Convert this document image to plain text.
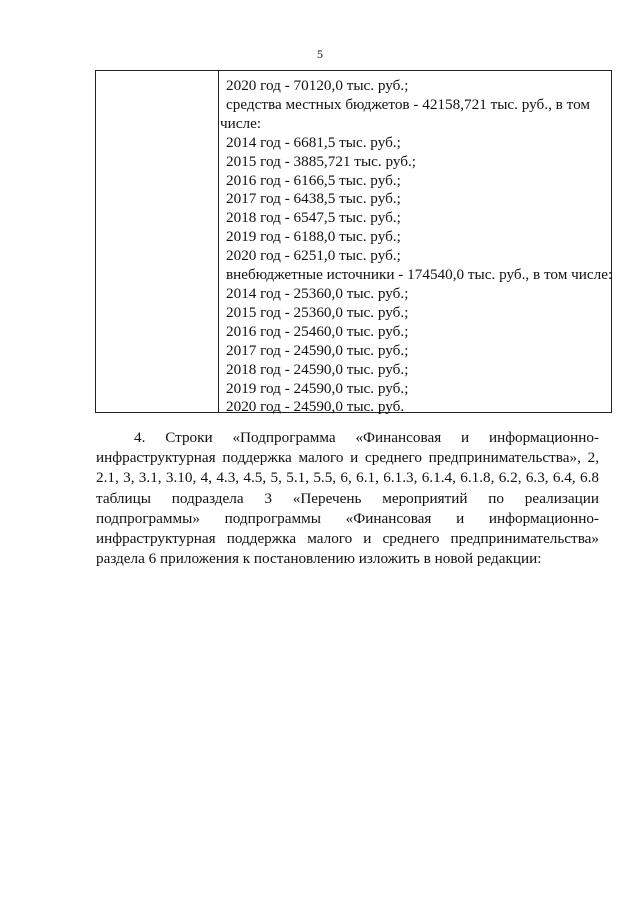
5
2020 год - 70120,0 тыс. руб.;
средства местных бюджетов - 42158,721 тыс. руб., в том
числе:
2014 год - 6681,5 тыс. руб.;
2015 год - 3885,721 тыс. руб.;
2016 год - 6166,5 тыс. руб.;
2017 год - 6438,5 тыс. руб.;
2018 год - 6547,5 тыс. руб.;
2019 год - 6188,0 тыс. руб.;
2020 год - 6251,0 тыс. руб.;
внебюджетные источники - 174540,0 тыс. руб., в том числе:
2014 год - 25360,0 тыс. руб.;
2015 год - 25360,0 тыс. руб.;
2016 год - 25460,0 тыс. руб.;
2017 год - 24590,0 тыс. руб.;
2018 год - 24590,0 тыс. руб.;
2019 год - 24590,0 тыс. руб.;
2020 год - 24590,0 тыс. руб.
4. Строки «Подпрограмма «Финансовая и информационно-
инфраструктурная поддержка малого и среднего предпринимательства», 2,
2.1, 3, 3.1, 3.10, 4, 4.3, 4.5, 5, 5.1, 5.5, 6, 6.1, 6.1.3, 6.1.4, 6.1.8, 6.2, 6.3, 6.4, 6.8
таблицы подраздела 3 «Перечень мероприятий по реализации
подпрограммы» подпрограммы «Финансовая и информационно-
инфраструктурная поддержка малого и среднего предпринимательства»
раздела 6 приложения к постановлению изложить в новой редакции:
